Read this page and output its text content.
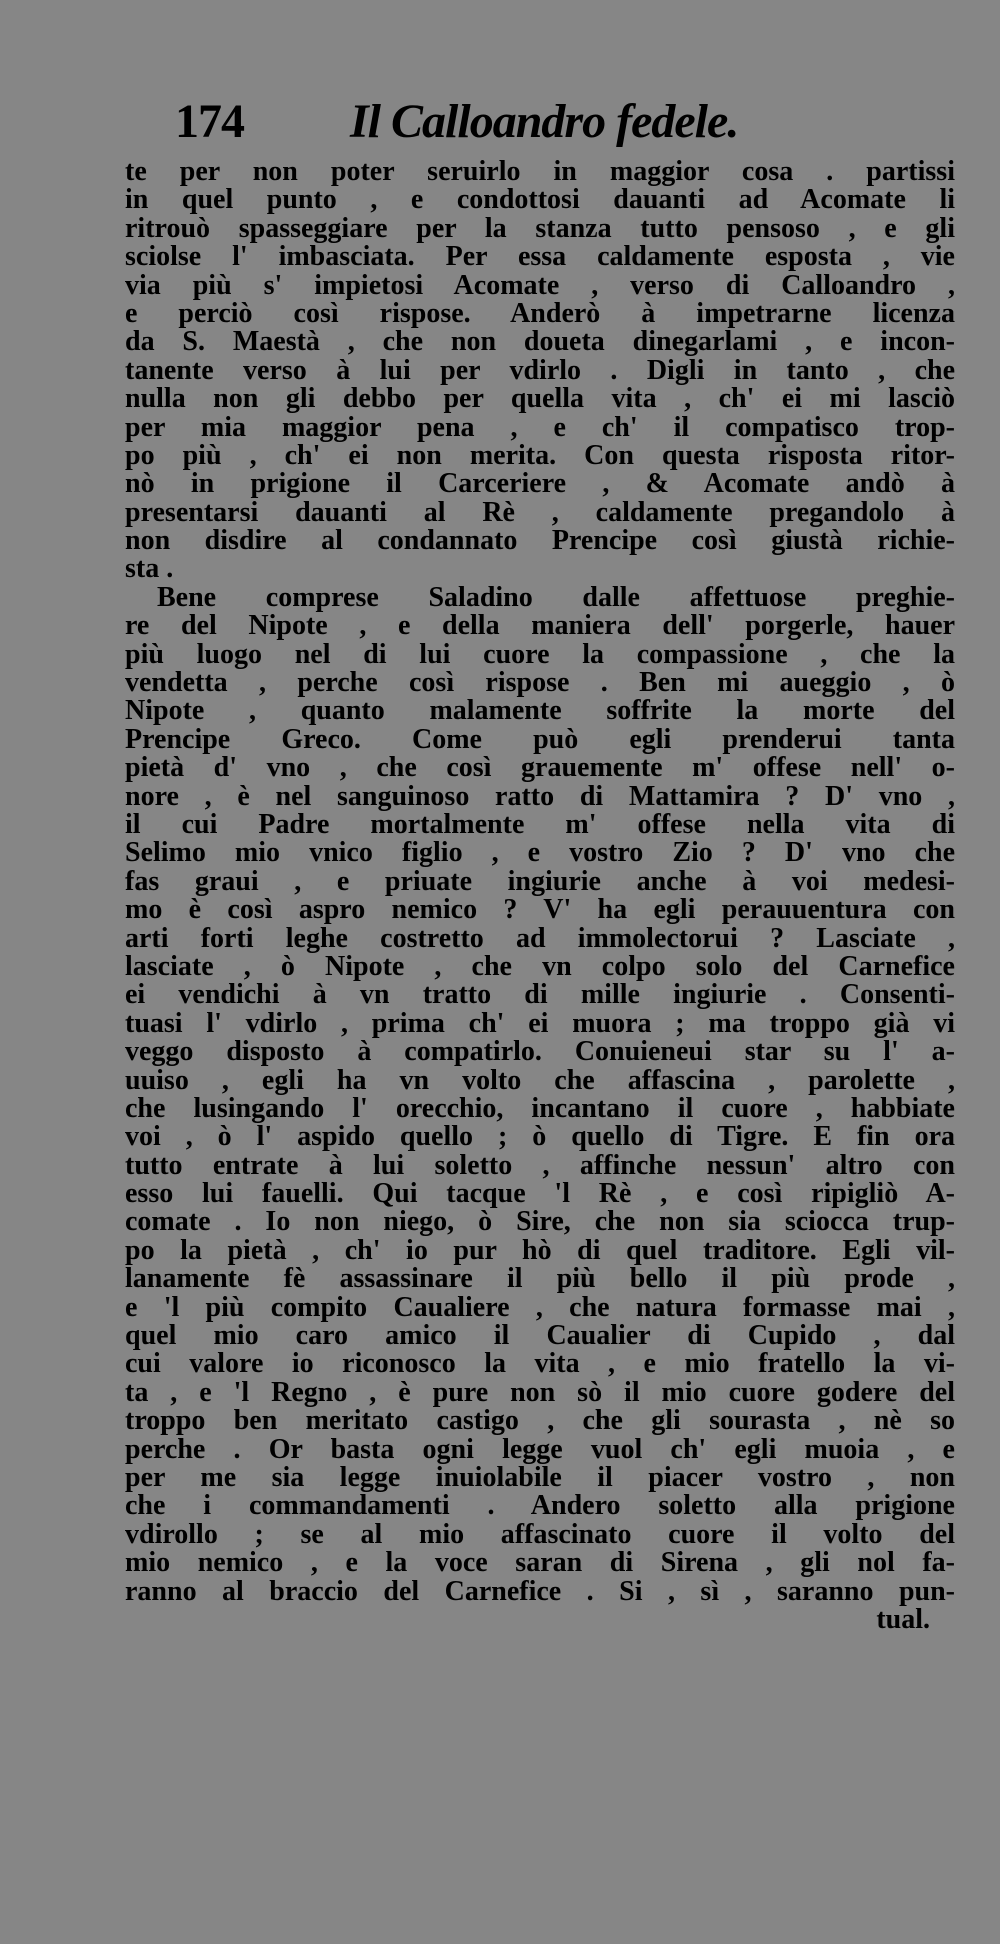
174 Il Calloandro fedele.
te per non poter seruirlo in maggior cosa . partissi
in quel punto , e condottosi dauanti ad Acomate li
ritrouò spasseggiare per la stanza tutto pensoso , e gli
sciolse l' imbasciata. Per essa caldamente esposta , vie
via più s' impietosi Acomate , verso di Calloandro ,
e perciò così rispose. Anderò à impetrarne licenza
da S. Maestà , che non doueta dinegarlami , e incon-
tanente verso à lui per vdirlo . Digli in tanto , che
nulla non gli debbo per quella vita , ch' ei mi lasciò
per mia maggior pena , e ch' il compatisco trop-
po più , ch' ei non merita. Con questa risposta ritor-
nò in prigione il Carceriere , & Acomate andò à
presentarsi dauanti al Rè , caldamente pregandolo à
non disdire al condannato Prencipe così giustà richie-
sta .
Bene comprese Saladino dalle affettuose preghie-
re del Nipote , e della maniera dell' porgerle, hauer
più luogo nel di lui cuore la compassione , che la
vendetta , perche così rispose . Ben mi aueggio , ò
Nipote , quanto malamente soffrite la morte del
Prencipe Greco. Come può egli prenderui tanta
pietà d' vno , che così grauemente m' offese nell' o-
nore , è nel sanguinoso ratto di Mattamira ? D' vno ,
il cui Padre mortalmente m' offese nella vita di
Selimo mio vnico figlio , e vostro Zio ? D' vno che
fas graui , e priuate ingiurie anche à voi medesi-
mo è così aspro nemico ? V' ha egli perauuentura con
arti forti leghe costretto ad immolectorui ? Lasciate ,
lasciate , ò Nipote , che vn colpo solo del Carnefice
ei vendichi à vn tratto di mille ingiurie . Consenti-
tuasi l' vdirlo , prima ch' ei muora ; ma troppo già vi
veggo disposto à compatirlo. Conuieneui star su l' a-
uuiso , egli ha vn volto che affascina , parolette ,
che lusingando l' orecchio, incantano il cuore , habbiate
voi , ò l' aspido quello ; ò quello di Tigre. E fin ora
tutto entrate à lui soletto , affinche nessun' altro con
esso lui fauelli. Qui tacque 'l Rè , e così ripigliò A-
comate . Io non niego, ò Sire, che non sia sciocca trup-
po la pietà , ch' io pur hò di quel traditore. Egli vil-
lanamente fè assassinare il più bello il più prode ,
e 'l più compito Caualiere , che natura formasse mai ,
quel mio caro amico il Caualier di Cupido , dal
cui valore io riconosco la vita , e mio fratello la vi-
ta , e 'l Regno , è pure non sò il mio cuore godere del
troppo ben meritato castigo , che gli sourasta , nè so
perche . Or basta ogni legge vuol ch' egli muoia , e
per me sia legge inuiolabile il piacer vostro , non
che i commandamenti . Andero soletto alla prigione
vdirollo ; se al mio affascinato cuore il volto del
mio nemico , e la voce saran di Sirena , gli nol fa-
ranno al braccio del Carnefice . Si , sì , saranno pun-
tual.
